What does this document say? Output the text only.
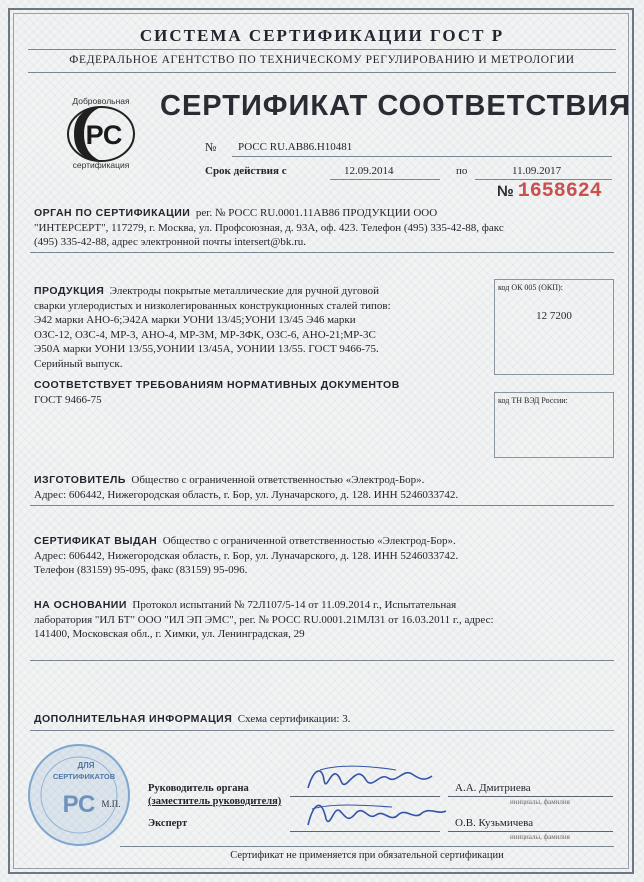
СИСТЕМА СЕРТИФИКАЦИИ ГОСТ Р
ФЕДЕРАЛЬНОЕ АГЕНТСТВО ПО ТЕХНИЧЕСКОМУ РЕГУЛИРОВАНИЮ И МЕТРОЛОГИИ
Добровольная
РС
сертификация
СЕРТИФИКАТ СООТВЕТСТВИЯ
№ РОСС RU.AB86.H10481
Срок действия с	12.09.2014	по	11.09.2017
№ 1658624
ОРГАН ПО СЕРТИФИКАЦИИ рег. № РОСС RU.0001.11АВ86 ПРОДУКЦИИ ООО
"ИНТЕРСЕРТ", 117279, г. Москва, ул. Профсоюзная, д. 93А, оф. 423. Телефон (495) 335-42-88, факс
(495) 335-42-88, адрес электронной почты intersert@bk.ru.
ПРОДУКЦИЯ Электроды покрытые металлические для ручной дуговой
сварки углеродистых и низколегированных конструкционных сталей типов:
Э42 марки АНО-6;Э42А марки УОНИ 13/45;УОНИ 13/45 Э46 марки
ОЗС-12, ОЗС-4, МР-3, АНО-4, МР-3М, МР-3ФК, ОЗС-6, АНО-21;МР-3С
Э50А марки УОНИ 13/55,УОНИИ 13/45А, УОНИИ 13/55. ГОСТ 9466-75.
Серийный выпуск.
код ОК 005 (ОКП):
12 7200
СООТВЕТСТВУЕТ ТРЕБОВАНИЯМ НОРМАТИВНЫХ ДОКУМЕНТОВ
ГОСТ 9466-75	код ТН ВЭД России:
ИЗГОТОВИТЕЛЬ Общество с ограниченной ответственностью «Электрод-Бор».
Адрес: 606442, Нижегородская область, г. Бор, ул. Луначарского, д. 128. ИНН 5246033742.
СЕРТИФИКАТ ВЫДАН Общество с ограниченной ответственностью «Электрод-Бор».
Адрес: 606442, Нижегородская область, г. Бор, ул. Луначарского, д. 128. ИНН 5246033742.
Телефон (83159) 95-095, факс (83159) 95-096.
НА ОСНОВАНИИ Протокол испытаний № 72Л107/5-14 от 11.09.2014 г., Испытательная
лаборатория "ИЛ БТ" ООО "ИЛ ЭП ЭМС", рег. № РОСС RU.0001.21МЛ31 от 16.03.2011 г., адрес:
141400, Московская обл., г. Химки, ул. Ленинградская, 29
ДОПОЛНИТЕЛЬНАЯ ИНФОРМАЦИЯ Схема сертификации: 3.
ДЛЯ
СЕРТИФИКАТОВ
РС М.П.
Руководитель органа
(заместитель руководителя)
Эксперт
А.А. Дмитриева
инициалы, фамилия
О.В. Кузьмичева
инициалы, фамилия
Сертификат не применяется при обязательной сертификации
